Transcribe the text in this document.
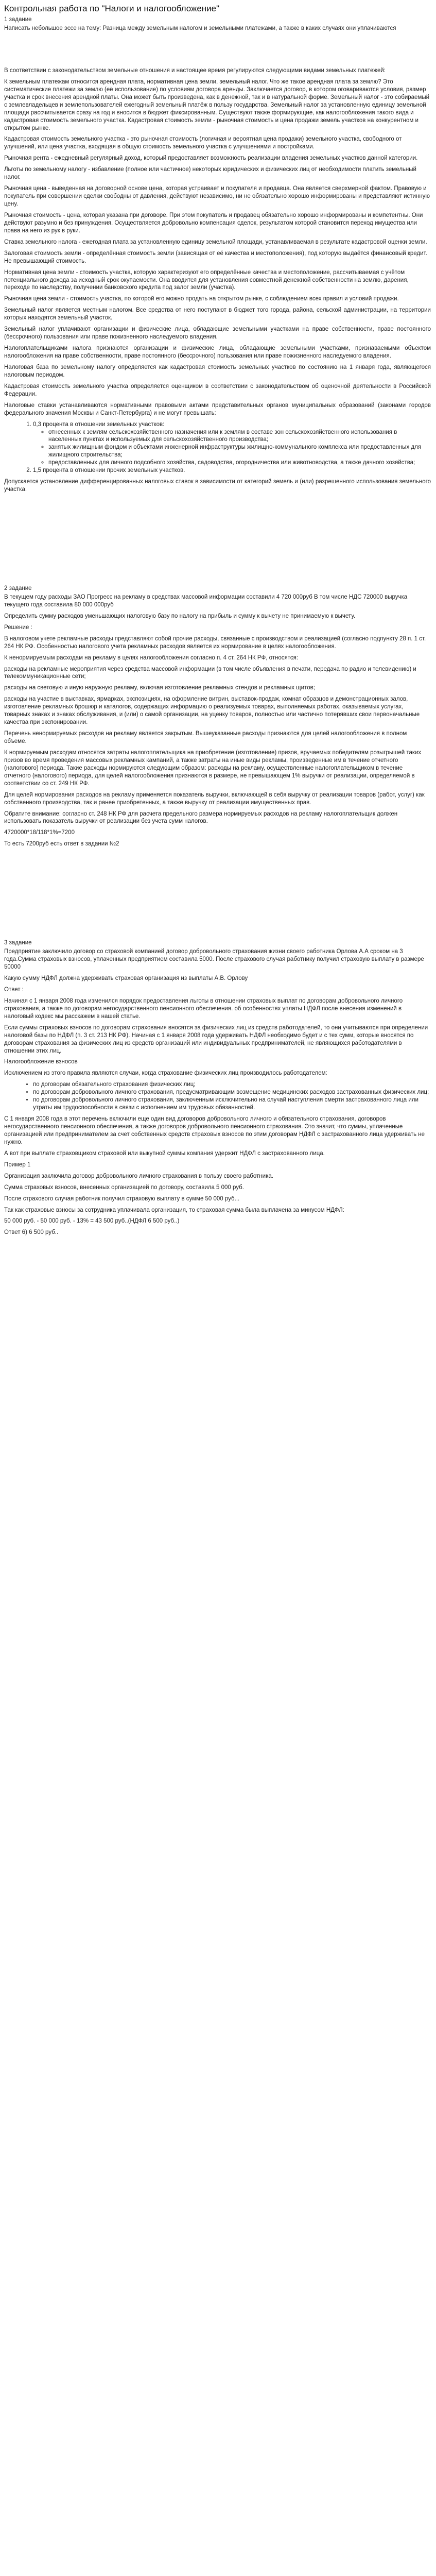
Контрольная работа по "Налоги и налогообложение"
1 задание

Написать небольшое эссе на тему: Разница между земельным налогом и земельными платежами, а также в каких случаях они уплачиваются

В соответствии с законодательством земельные отношения и настоящее время регулируются следующими видами земельных платежей:

К земельным платежам относится арендная плата, нормативная цена земли, земельный налог. Что же такое арендная плата за землю? Это систематические платежи за землю (её использование) по условиям договора аренды. Заключается договор, в котором оговариваются условия, размер участка и срок внесения арендной платы. Она может быть произведена, как в денежной, так и в натуральной форме. Земельный налог - это собираемый с землевладельцев и землепользователей ежегодный земельный платёж в пользу государства. Земельный налог за установленную единицу земельной площади рассчитывается сразу на год и вносится в бюджет фиксированным. Существуют также формирующие, как налогообложения такого вида и кадастровая стоимость земельного участка. Кадастровая стоимость земли - рыночная стоимость и цена продажи земель участков на конкурентном и открытом рынке.

Кадастровая стоимость земельного участка - это рыночная стоимость (логичная и вероятная цена продажи) земельного участка, свободного от улучшений, или цена участка, входящая в общую стоимость земельного участка с улучшениями и постройками.

Рыночная рента - ежедневный регулярный доход, который предоставляет возможность реализации владения земельных участков данной категории.

Льготы по земельному налогу - избавление (полное или частичное) некоторых юридических и физических лиц от необходимости платить земельный налог.

Рыночная цена - выведенная на договорной основе цена, которая устраивает и покупателя и продавца. Она является сверхмерной фактом. Правовую и покупатель при совершении сделки свободны от давления, действуют независимо, ни не обязательно хорошо информированы и представляют истинную цену.

Рыночная стоимость - цена, которая указана при договоре. При этом покупатель и продавец обязательно хорошо информированы и компетентны. Они действуют разумно и без принуждения. Осуществляется добровольно компенсация сделок, результатом которой становится переход имущества или права на него из рук в руки.

Ставка земельного налога - ежегодная плата за установленную единицу земельной площади, устанавливаемая в результате кадастровой оценки земли.

Залоговая стоимость земли - определённая стоимость земли (зависящая от её качества и местоположения), под которую выдаётся финансовый кредит. Не превышающий стоимость.

Нормативная цена земли - стоимость участка, которую характеризуют его определённые качества и местоположение, рассчитываемая с учётом потенциального дохода за исходный срок окупаемости. Она вводится для установления совместной денежной собственности на землю, дарения, переходе по наследству, получении банковского кредита под залог земли (участка).

Рыночная цена земли - стоимость участка, по которой его можно продать на открытом рынке, с соблюдением всех правил и условий продажи.

Земельный налог является местным налогом. Все средства от него поступают в бюджет того города, района, сельской администрации, на территории которых находятся земельный участок.

Земельный налог уплачивают организации и физические лица, обладающие земельными участками на праве собственности, праве постоянного (бессрочного) пользования или праве пожизненного наследуемого владения.

Налогоплательщиками налога признаются организации и физические лица, обладающие земельными участками, признаваемыми объектом налогообложения на праве собственности, праве постоянного (бессрочного) пользования или праве пожизненного наследуемого владения.

Налоговая база по земельному налогу определяется как кадастровая стоимость земельных участков по состоянию на 1 января года, являющегося налоговым периодом.

Кадастровая стоимость земельного участка определяется оценщиком в соответствии с законодательством об оценочной деятельности в Российской Федерации.

Налоговые ставки устанавливаются нормативными правовыми актами представительных органов муниципальных образований (законами городов федерального значения Москвы и Санкт-Петербурга) и не могут превышать:

1. 0,3 процента в отношении земельных участков:
◦ отнесенных к землям сельскохозяйственного назначения или к землям в составе зон сельскохозяйственного использования в населенных пунктах и используемых для сельскохозяйственного производства;
◦ занятых жилищным фондом и объектами инженерной инфраструктуры жилищно-коммунального комплекса или предоставленных для жилищного строительства;
◦ предоставленных для личного подсобного хозяйства, садоводства, огородничества или животноводства, а также дачного хозяйства;
2. 1,5 процента в отношении прочих земельных участков.

Допускается установление дифференцированных налоговых ставок в зависимости от категорий земель и (или) разрешенного использования земельного участка.

2 задание

В текущем году расходы ЗАО Прогресс на рекламу в средствах массовой информации составили 4 720 000руб В том числе НДС 720000 выручка текущего года составила 80 000 000руб

Определить сумму расходов уменьшающих налоговую базу по налогу на прибыль и сумму к вычету не принимаемую к вычету.

Решение :

В налоговом учете рекламные расходы представляют собой прочие расходы, связанные с производством и реализацией (согласно подпункту 28 п. 1 ст. 264 НК РФ. Особенностью налогового учета рекламных расходов является их нормирование в целях налогообложения.

К ненормируемым расходам на рекламу в целях налогообложения согласно п. 4 ст. 264 НК РФ, относятся:

расходы на рекламные мероприятия через средства массовой информации (в том числе объявления в печати, передача по радио и телевидению) и телекоммуникационные сети;

расходы на световую и иную наружную рекламу, включая изготовление рекламных стендов и рекламных щитов;

расходы на участие в выставках, ярмарках, экспозициях, на оформление витрин, выставок-продаж, комнат образцов и демонстрационных залов, изготовление рекламных брошюр и каталогов, содержащих информацию о реализуемых товарах, выполняемых работах, оказываемых услугах, товарных знаках и знаках обслуживания, и (или) о самой организации, на уценку товаров, полностью или частично потерявших свои первоначальные качества при экспонировании.

Перечень ненормируемых расходов на рекламу является закрытым. Вышеуказанные расходы признаются для целей налогообложения в полном объеме.

К нормируемым расходам относятся затраты налогоплательщика на приобретение (изготовление) призов, вручаемых победителям розыгрышей таких призов во время проведения массовых рекламных кампаний, а также затраты на иные виды рекламы, произведенные им в течение отчетного (налогового) периода. Такие расходы нормируются следующим образом: расходы на рекламу, осуществленные налогоплательщиком в течение отчетного (налогового) периода, для целей налогообложения признаются в размере, не превышающем 1% выручки от реализации, определяемой в соответствии со ст. 249 НК РФ.

Для целей нормирования расходов на рекламу применяется показатель выручки, включающей в себя выручку от реализации товаров (работ, услуг) как собственного производства, так и ранее приобретенных, а также выручку от реализации имущественных прав.

Обратите внимание: согласно ст. 248 НК РФ для расчета предельного размера нормируемых расходов на рекламу налогоплательщик должен использовать показатель выручки от реализации без учета сумм налогов.

4720000*18/118*1%=7200

То есть 7200руб есть ответ в задании №2

3 задание

Предприятие заключило договор со страховой компанией договор добровольного страхования жизни своего работника Орлова А.А сроком на 3 года.Сумма страховых взносов, уплаченных предприятием составила 5000. После страхового случая работнику получил страховую выплату в размере 50000

Какую сумму НДФЛ должна удерживать страховая организация из выплаты А.В. Орлову

Ответ :

Начиная с 1 января 2008 года изменился порядок предоставления льготы в отношении страховых выплат по договорам добровольного личного страхования, а также по договорам негосударственного пенсионного обеспечения. об особенностях уплаты НДФЛ после внесения изменений в налоговый кодекс мы расскажем в нашей статье.

Если суммы страховых взносов по договорам страхования вносятся за физических лиц из средств работодателей, то они учитываются при определении налоговой базы по НДФЛ (п. 3 ст. 213 НК РФ). Начиная с 1 января 2008 года удерживать НДФЛ необходимо будет и с тех сумм, которые вносятся по договорам страхования за физических лиц из средств организаций или индивидуальных предпринимателей, не являющихся работодателями в отношении этих лиц.

Налогообложение взносов

Исключением из этого правила являются случаи, когда страхование физических лиц производилось работодателем:

• по договорам обязательного страхования физических лиц;
• по договорам добровольного личного страхования, предусматривающим возмещение медицинских расходов застрахованных физических лиц;
• по договорам добровольного личного страхования, заключенным исключительно на случай наступления смерти застрахованного лица или утраты им трудоспособности в связи с исполнением им трудовых обязанностей.

С 1 января 2008 года в этот перечень включили еще один вид договоров добровольного личного и обязательного страхования, договоров негосударственного пенсионного обеспечения, а также договоров добровольного пенсионного страхования. Это значит, что суммы, уплаченные организацией или предпринимателем за счет собственных средств страховых взносов по этим договорам НДФЛ с застрахованного лица удерживать не нужно.

А вот при выплате страховщиком страховой или выкупной суммы компания удержит НДФЛ с застрахованного лица.

Пример 1

Организация заключила договор добровольного личного страхования в пользу своего работника.

Сумма страховых взносов, внесенных организацией по договору, составила 5 000 руб.

После страхового случая работник получил страховую выплату в сумме 50 000 руб...

Так как страховые взносы за сотрудника уплачивала организация, то страховая сумма была выплачена за минусом НДФЛ:

50 000 руб. - 50 000 руб. - 13% = 43 500 руб..(НДФЛ 6 500 руб..)

Ответ 6) 6 500 руб..
